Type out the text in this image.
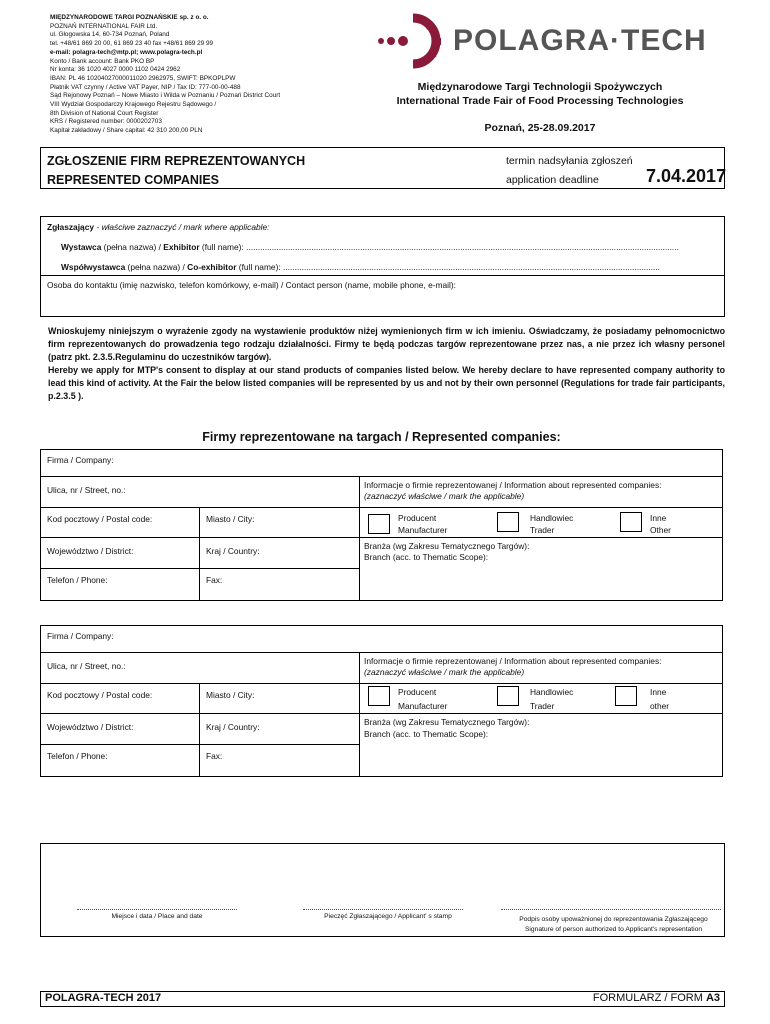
MIĘDZYNARODOWE TARGI POZNAŃSKIE sp. z o. o.
POZNAŃ INTERNATIONAL FAIR Ltd.
ul. Głogowska 14, 60-734 Poznań, Poland
tel. +48/61 869 20 00, 61 869 23 40 fax +48/61 869 29 99
e-mail: polagra-tech@mtp.pl; www.polagra-tech.pl
Konto / Bank account: Bank PKO BP
Nr konta: 36 1020 4027 0000 1102 0424 2962
IBAN: PL 46 10204027000011020 2962975, SWIFT: BPKOPLPW
Płatnik VAT czynny / Active VAT Payer, NIP / Tax ID: 777-00-00-488
Sąd Rejonowy Poznań – Nowe Miasto i Wilda w Poznaniu / Poznań District Court
VIII Wydział Gospodarczy Krajowego Rejestru Sądowego /
8th Division of National Court Register
KRS / Registered number: 0000202703
Kapitał zakładowy / Share capital: 42 310 200,00 PLN
POLAGRA·TECH
Międzynarodowe Targi Technologii Spożywczych
International Trade Fair of Food Processing Technologies
Poznań, 25-28.09.2017
ZGŁOSZENIE FIRM REPREZENTOWANYCH
REPRESENTED COMPANIES
termin nadsyłania zgłoszeń
application deadline	7.04.2017
Zgłaszający - właściwe zaznaczyć / mark where applicable:
Wystawca (pełna nazwa) / Exhibitor (full name): ..........................................................................................................................................................................................
Współwystawca (pełna nazwa) / Co-exhibitor (full name): ..................................................................................................................................................................
Osoba do kontaktu (imię nazwisko, telefon komórkowy, e-mail) / Contact person (name, mobile phone, e-mail):
Wnioskujemy niniejszym o wyrażenie zgody na wystawienie produktów niżej wymienionych firm w ich imieniu. Oświadczamy, że posiadamy pełnomocnictwo firm reprezentowanych do prowadzenia tego rodzaju działalności. Firmy te będą podczas targów reprezentowane przez nas, a nie przez ich własny personel (patrz pkt. 2.3.5.Regulaminu do uczestników targów).
Hereby we apply for MTP's consent to display at our stand products of companies listed below. We hereby declare to have represented company authority to lead this kind of activity. At the Fair the below listed companies will be represented by us and not by their own personnel (Regulations for trade fair participants, p.2.3.5 ).
Firmy reprezentowane na targach / Represented companies:
Firma / Company:
Ulica, nr / Street, no.:	Informacje o firmie reprezentowanej / Information about represented companies:
(zaznaczyć właściwe / mark the applicable)
Kod pocztowy / Postal code:	Miasto / City:	Producent
Manufacturer
Handlowiec
Trader
Inne
Other
Województwo / District:	Kraj / Country:	Branża (wg Zakresu Tematycznego Targów):
Branch (acc. to Thematic Scope):
Telefon / Phone:	Fax:
Firma / Company:
Ulica, nr / Street, no.:	Informacje o firmie reprezentowanej / Information about represented companies:
(zaznaczyć właściwe / mark the applicable)
Kod pocztowy / Postal code:	Miasto / City:	Producent
Manufacturer
Handlowiec
Trader
Inne
other
Województwo / District:	Kraj / Country:	Branża (wg Zakresu Tematycznego Targów):
Branch (acc. to Thematic Scope):
Telefon / Phone:	Fax:
Miejsce i data / Place and date	Pieczęć Zgłaszającego / Applicant' s stamp	Podpis osoby upoważnionej do reprezentowania Zgłaszającego
Signature of person authorized to Applicant's representation
POLAGRA-TECH 2017	FORMULARZ / FORM A3
